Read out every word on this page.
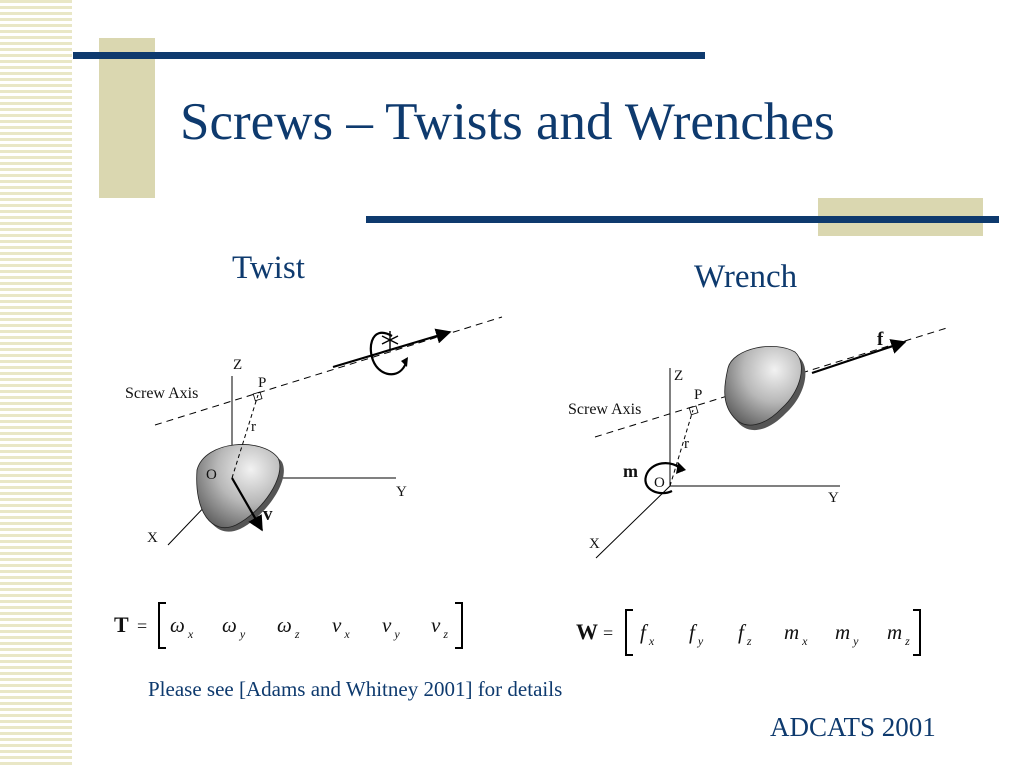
Screws – Twists and Wrenches
Twist	Wrench
Screw Axis
Z
P
r
O
Y
X
v
Screw Axis
Z
P
r
O
Y
X
f
m
T = ω $_x$ ω $_y$ ω $_z$ v $_x$ v $_y$ v $_z$	W = f $_x$ f $_y$ f $_z$ m $_x$ m $_y$ m $_z$
Please see [Adams and Whitney 2001] for details
ADCATS 2001
